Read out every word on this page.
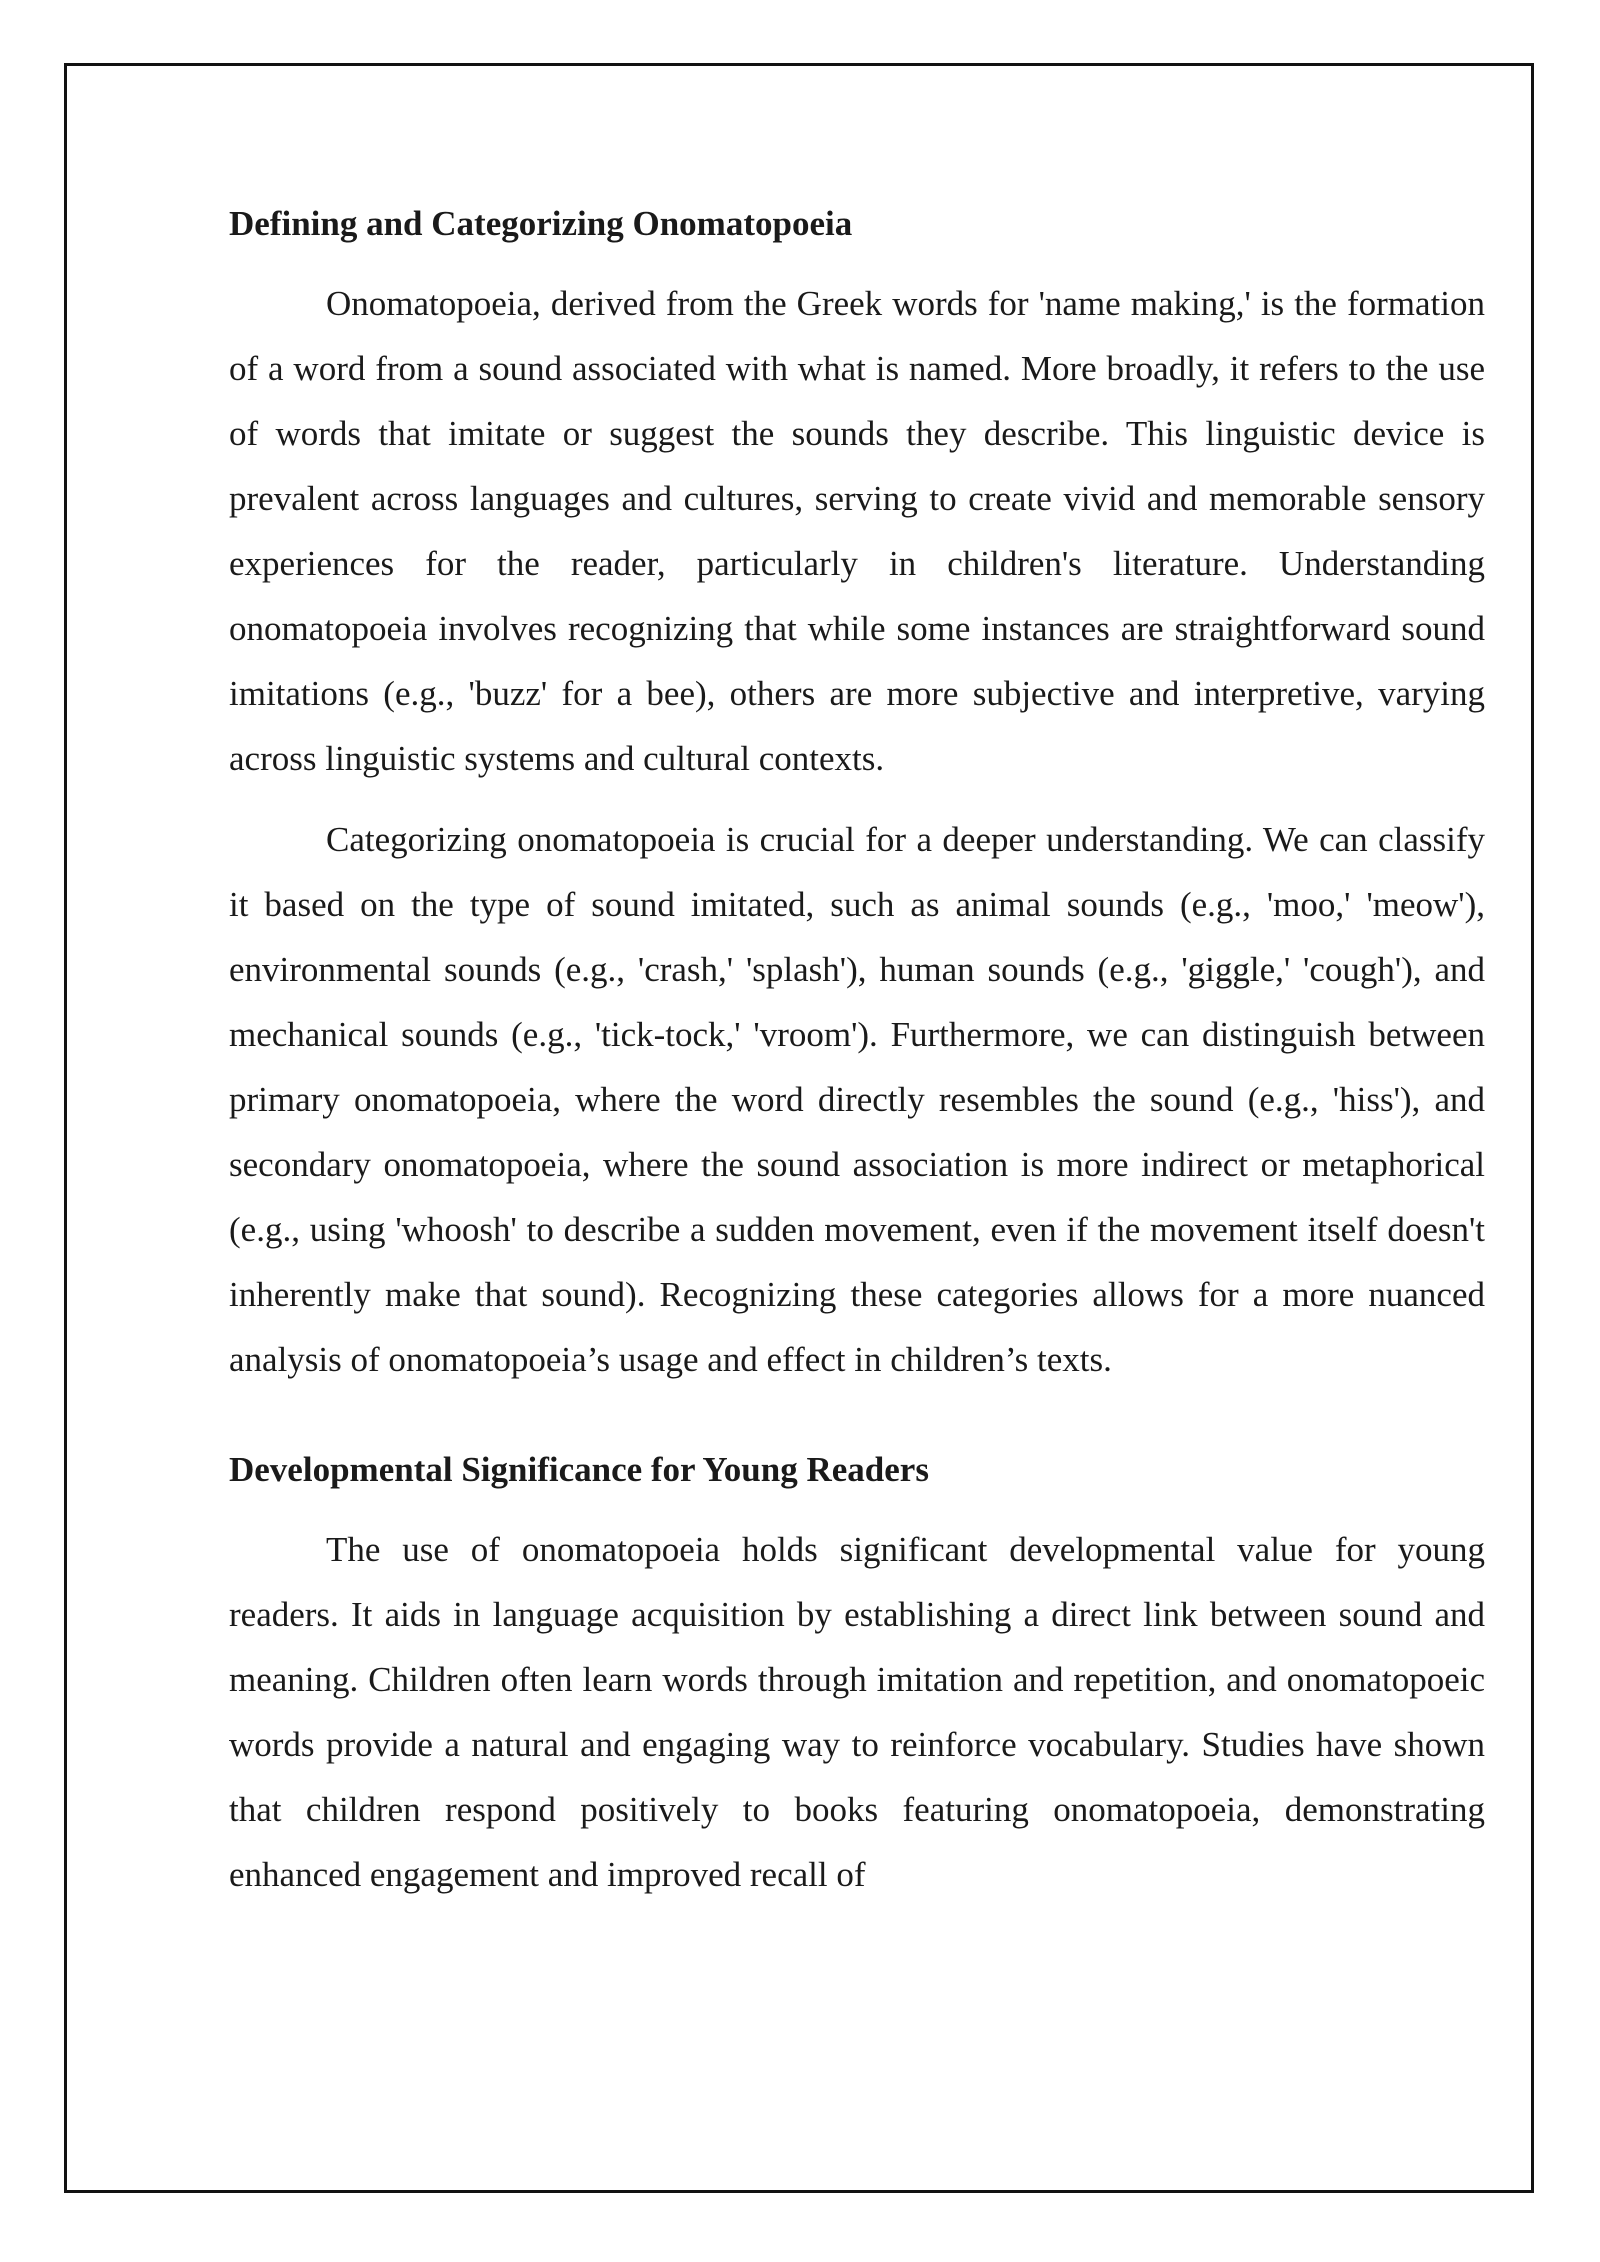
Defining and Categorizing Onomatopoeia

Onomatopoeia, derived from the Greek words for 'name making,' is the formation of a word from a sound associated with what is named. More broadly, it refers to the use of words that imitate or suggest the sounds they describe. This linguistic device is prevalent across languages and cultures, serving to create vivid and memorable sensory experiences for the reader, particularly in children's literature. Understanding onomatopoeia involves recognizing that while some instances are straightforward sound imitations (e.g., 'buzz' for a bee), others are more subjective and interpretive, varying across linguistic systems and cultural contexts.

Categorizing onomatopoeia is crucial for a deeper understanding. We can classify it based on the type of sound imitated, such as animal sounds (e.g., 'moo,' 'meow'), environmental sounds (e.g., 'crash,' 'splash'), human sounds (e.g., 'giggle,' 'cough'), and mechanical sounds (e.g., 'tick-tock,' 'vroom'). Furthermore, we can distinguish between primary onomatopoeia, where the word directly resembles the sound (e.g., 'hiss'), and secondary onomatopoeia, where the sound association is more indirect or metaphorical (e.g., using 'whoosh' to describe a sudden movement, even if the movement itself doesn't inherently make that sound). Recognizing these categories allows for a more nuanced analysis of onomatopoeia’s usage and effect in children’s texts.

Developmental Significance for Young Readers

The use of onomatopoeia holds significant developmental value for young readers. It aids in language acquisition by establishing a direct link between sound and meaning. Children often learn words through imitation and repetition, and onomatopoeic words provide a natural and engaging way to reinforce vocabulary. Studies have shown that children respond positively to books featuring onomatopoeia, demonstrating enhanced engagement and improved recall of
